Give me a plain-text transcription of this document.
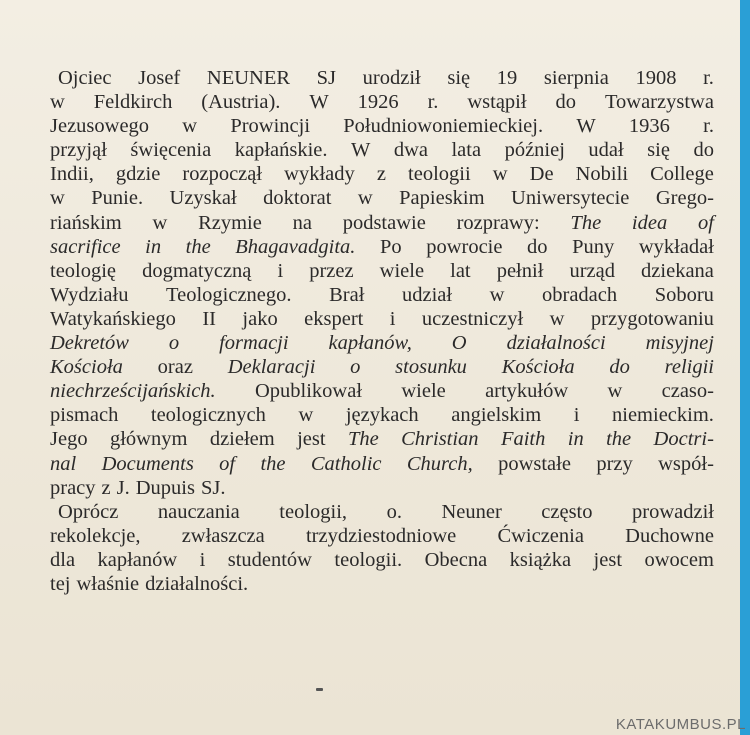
Ojciec Josef NEUNER SJ urodził się 19 sierpnia 1908 r.
w Feldkirch (Austria). W 1926 r. wstąpił do Towarzystwa
Jezusowego w Prowincji Południowoniemieckiej. W 1936 r.
przyjął święcenia kapłańskie. W dwa lata później udał się do
Indii, gdzie rozpoczął wykłady z teologii w De Nobili College
w Punie. Uzyskał doktorat w Papieskim Uniwersytecie Grego-
riańskim w Rzymie na podstawie rozprawy: The idea of
sacrifice in the Bhagavadgita. Po powrocie do Puny wykładał
teologię dogmatyczną i przez wiele lat pełnił urząd dziekana
Wydziału Teologicznego. Brał udział w obradach Soboru
Watykańskiego II jako ekspert i uczestniczył w przygotowaniu
Dekretów o formacji kapłanów, O działalności misyjnej
Kościoła oraz Deklaracji o stosunku Kościoła do religii
niechrześcijańskich. Opublikował wiele artykułów w czaso-
pismach teologicznych w językach angielskim i niemieckim.
Jego głównym dziełem jest The Christian Faith in the Doctri-
nal Documents of the Catholic Church, powstałe przy współ-
pracy z J. Dupuis SJ.
Oprócz nauczania teologii, o. Neuner często prowadził
rekolekcje, zwłaszcza trzydziestodniowe Ćwiczenia Duchowne
dla kapłanów i studentów teologii. Obecna książka jest owocem
tej właśnie działalności.
KATAKUMBUS.PL
